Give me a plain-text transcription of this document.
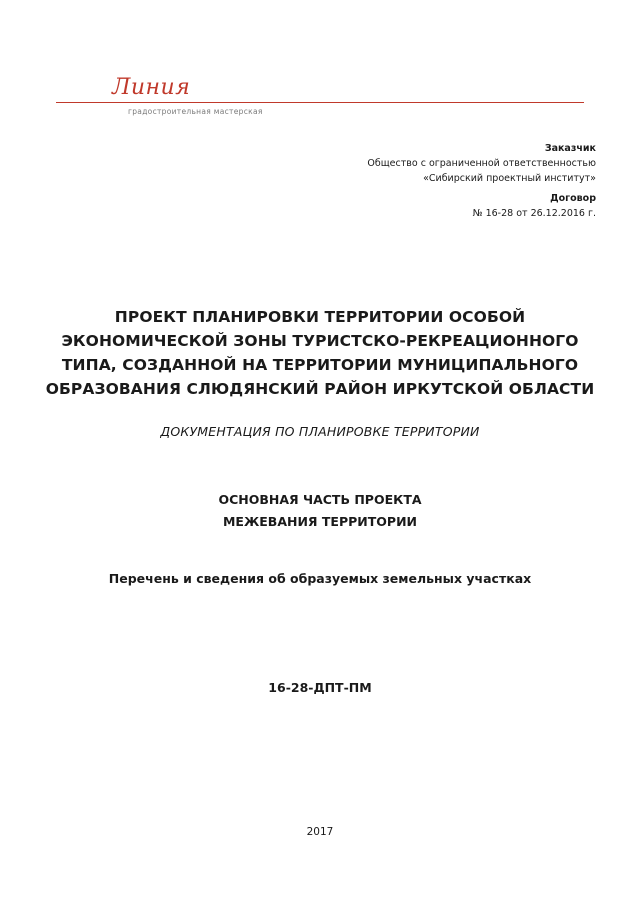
Линия
градостроительная мастерская
Заказчик
Общество с ограниченной ответственностью
«Сибирский проектный институт»
Договор
№ 16-28 от 26.12.2016 г.
ПРОЕКТ ПЛАНИРОВКИ ТЕРРИТОРИИ ОСОБОЙ
ЭКОНОМИЧЕСКОЙ ЗОНЫ ТУРИСТСКО-РЕКРЕАЦИОННОГО
ТИПА, СОЗДАННОЙ НА ТЕРРИТОРИИ МУНИЦИПАЛЬНОГО
ОБРАЗОВАНИЯ СЛЮДЯНСКИЙ РАЙОН ИРКУТСКОЙ ОБЛАСТИ
ДОКУМЕНТАЦИЯ ПО ПЛАНИРОВКЕ ТЕРРИТОРИИ
ОСНОВНАЯ ЧАСТЬ ПРОЕКТА
МЕЖЕВАНИЯ ТЕРРИТОРИИ
Перечень и сведения об образуемых земельных участках
16-28-ДПТ-ПМ
2017
